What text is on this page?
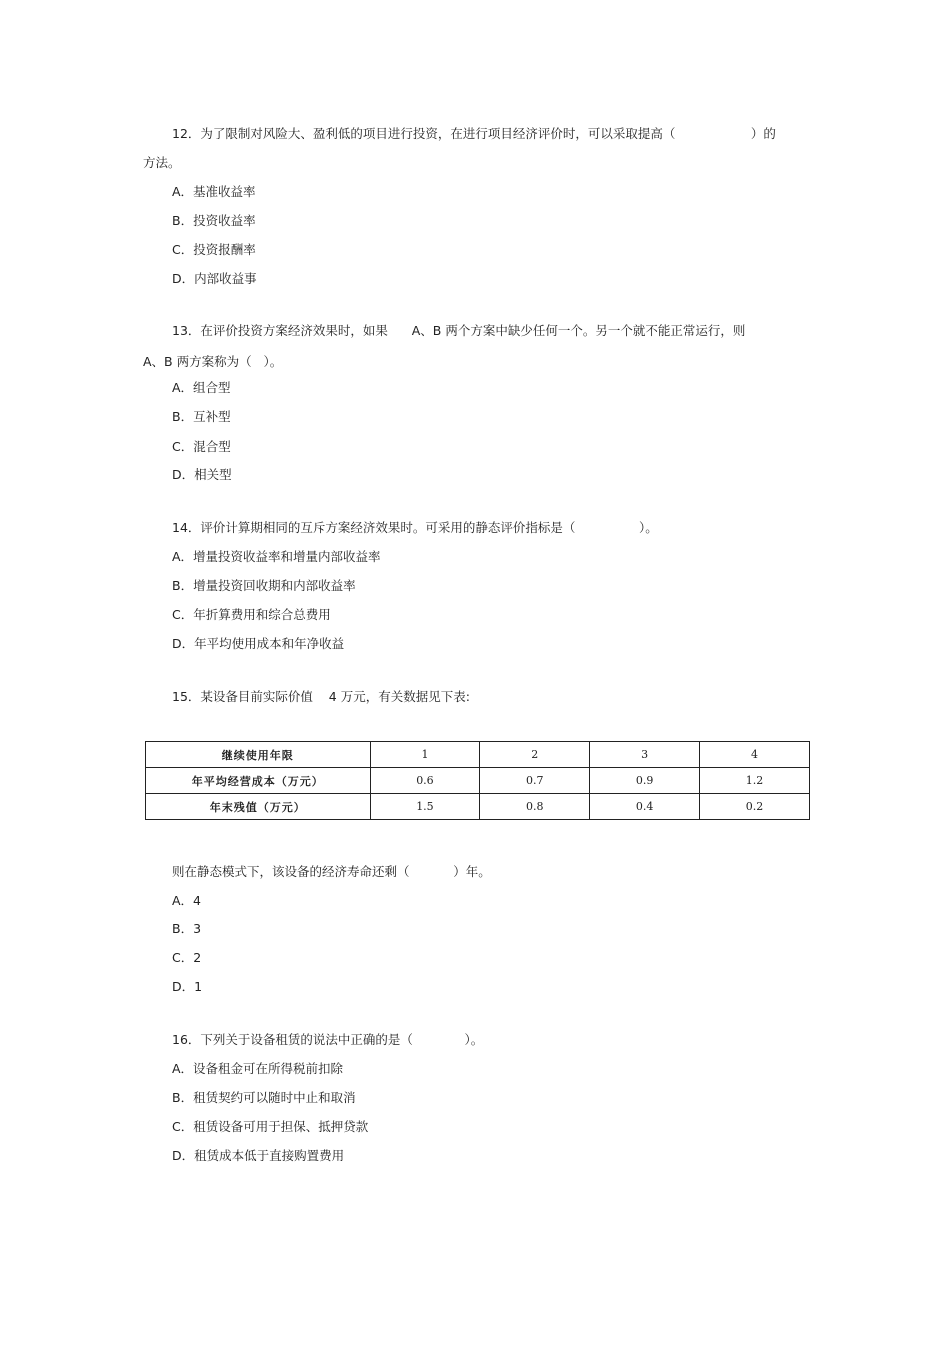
12．为了限制对风险大、盈利低的项目进行投资，在进行项目经济评价时，可以采取提高（                   ）的
方法。
A．基准收益率
B．投资收益率
C．投资报酬率
D．内部收益事
13．在评价投资方案经济效果时，如果      A、B 两个方案中缺少任何一个。另一个就不能正常运行，则
A、B 两方案称为（   ）。
A．组合型
B．互补型
C．混合型
D．相关型
14．评价计算期相同的互斥方案经济效果时。可采用的静态评价指标是（                ）。
A．增量投资收益率和增量内部收益率
B．增量投资回收期和内部收益率
C．年折算费用和综合总费用
D．年平均使用成本和年净收益
15．某设备目前实际价值    4 万元，有关数据见下表:
继续使用年限	1	2	3	4
年平均经营成本（万元）	0.6	0.7	0.9	1.2
年末残值（万元）	1.5	0.8	0.4	0.2
则在静态模式下，该设备的经济寿命还剩（           ）年。
A．4
B．3
C．2
D．1
16．下列关于设备租赁的说法中正确的是（             ）。
A．设备租金可在所得税前扣除
B．租赁契约可以随时中止和取消
C．租赁设备可用于担保、抵押贷款
D．租赁成本低于直接购置费用
